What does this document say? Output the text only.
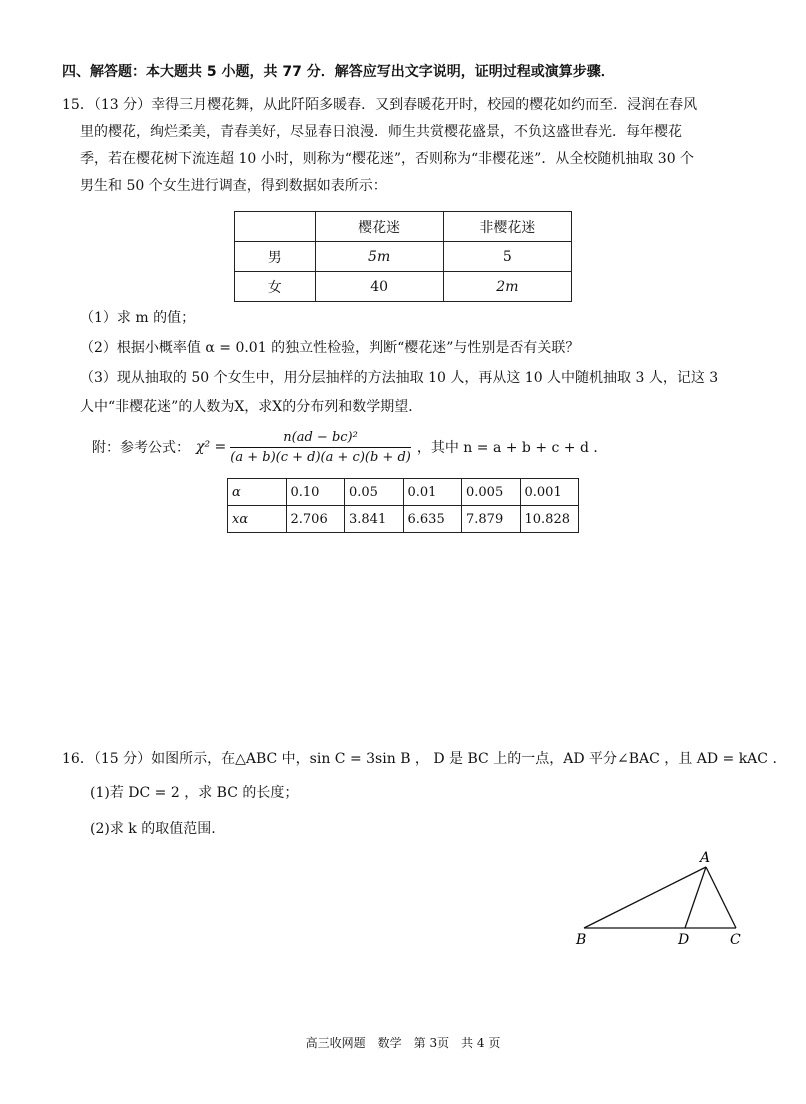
四、解答题：本大题共 5 小题，共 77 分．解答应写出文字说明，证明过程或演算步骤．
15．（13 分）幸得三月樱花舞，从此阡陌多暖春．又到春暖花开时，校园的樱花如约而至．浸润在春风
里的樱花，绚烂柔美，青春美好，尽显春日浪漫．师生共赏樱花盛景，不负这盛世春光．每年樱花
季，若在樱花树下流连超 10 小时，则称为“樱花迷”，否则称为“非樱花迷”．从全校随机抽取 30 个
男生和 50 个女生进行调查，得到数据如表所示：
	樱花迷	非樱花迷
男	5m	5
女	40	2m
（1）求 m 的值；
（2）根据小概率值 α = 0.01 的独立性检验，判断“樱花迷”与性别是否有关联？
（3）现从抽取的 50 个女生中，用分层抽样的方法抽取 10 人，再从这 10 人中随机抽取 3 人，记这 3
人中“非樱花迷”的人数为X，求X的分布列和数学期望．
附：参考公式： $\chi^2 = \frac{\text{n(ad − bc)²}}{(a + b)(c + d)(a + c)(b + d)}$ ，其中 n = a + b + c + d ．
α	0.10	0.05	0.01	0.005	0.001
xα	2.706	3.841	6.635	7.879	10.828
16．（15 分）如图所示，在△ABC 中，sin C = 3sin B ， D 是 BC 上的一点，AD 平分∠BAC ，且 AD = kAC .
(1)若 DC = 2 ，求 BC 的长度；
(2)求 k 的取值范围.
A
B	D	C
高三收网题　数学　第 3页　共 4 页
